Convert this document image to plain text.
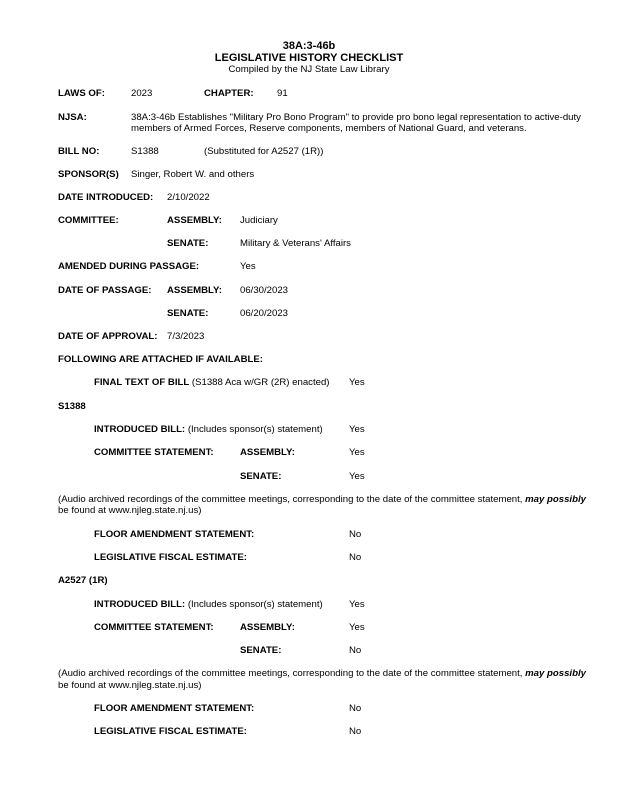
38A:3-46b
LEGISLATIVE HISTORY CHECKLIST
Compiled by the NJ State Law Library
LAWS OF:	2023	CHAPTER: 91
NJSA:	38A:3-46b Establishes "Military Pro Bono Program" to provide pro bono legal representation to active-duty
members of Armed Forces, Reserve components, members of National Guard, and veterans.
BILL NO:	S1388	(Substituted for A2527 (1R))
SPONSOR(S) Singer, Robert W. and others
DATE INTRODUCED: 2/10/2022
COMMITTEE:	ASSEMBLY: Judiciary
SENATE:	Military & Veterans' Affairs
AMENDED DURING PASSAGE:	Yes
DATE OF PASSAGE: ASSEMBLY: 06/30/2023
SENATE:	06/20/2023
DATE OF APPROVAL: 7/3/2023
FOLLOWING ARE ATTACHED IF AVAILABLE:
FINAL TEXT OF BILL (S1388 Aca w/GR (2R) enacted) Yes
S1388
INTRODUCED BILL: (Includes sponsor(s) statement)	Yes
COMMITTEE STATEMENT:	ASSEMBLY:	Yes
SENATE:	Yes
(Audio archived recordings of the committee meetings, corresponding to the date of the committee statement, may possibly
be found at www.njleg.state.nj.us)
FLOOR AMENDMENT STATEMENT:	No
LEGISLATIVE FISCAL ESTIMATE:	No
A2527 (1R)
INTRODUCED BILL: (Includes sponsor(s) statement)	Yes
COMMITTEE STATEMENT:	ASSEMBLY:	Yes
SENATE:	No
(Audio archived recordings of the committee meetings, corresponding to the date of the committee statement, may possibly
be found at www.njleg.state.nj.us)
FLOOR AMENDMENT STATEMENT:	No
LEGISLATIVE FISCAL ESTIMATE:	No
